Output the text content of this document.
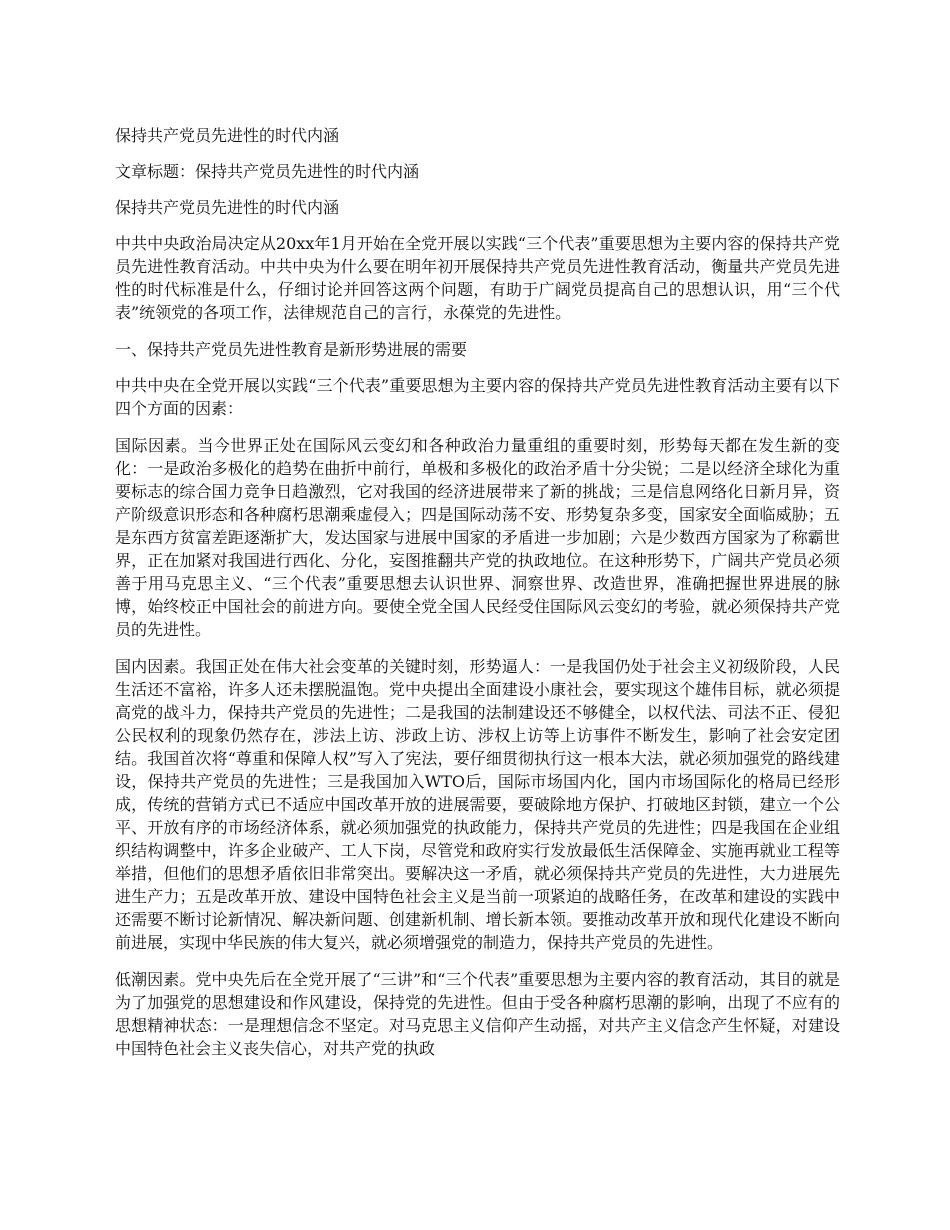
保持共产党员先进性的时代内涵

文章标题：保持共产党员先进性的时代内涵

保持共产党员先进性的时代内涵

中共中央政治局决定从20xx年1月开始在全党开展以实践“三个代表”重要思想为主要内容的保持共产党员先进性教育活动。中共中央为什么要在明年初开展保持共产党员先进性教育活动，衡量共产党员先进性的时代标准是什么，仔细讨论并回答这两个问题，有助于广阔党员提高自己的思想认识，用“三个代表”统领党的各项工作，法律规范自己的言行，永葆党的先进性。

一、保持共产党员先进性教育是新形势进展的需要

中共中央在全党开展以实践“三个代表”重要思想为主要内容的保持共产党员先进性教育活动主要有以下四个方面的因素：

国际因素。当今世界正处在国际风云变幻和各种政治力量重组的重要时刻，形势每天都在发生新的变化：一是政治多极化的趋势在曲折中前行，单极和多极化的政治矛盾十分尖锐；二是以经济全球化为重要标志的综合国力竞争日趋激烈，它对我国的经济进展带来了新的挑战；三是信息网络化日新月异，资产阶级意识形态和各种腐朽思潮乘虚侵入；四是国际动荡不安、形势复杂多变，国家安全面临威胁；五是东西方贫富差距逐渐扩大，发达国家与进展中国家的矛盾进一步加剧；六是少数西方国家为了称霸世界，正在加紧对我国进行西化、分化，妄图推翻共产党的执政地位。在这种形势下，广阔共产党员必须善于用马克思主义、“三个代表”重要思想去认识世界、洞察世界、改造世界，准确把握世界进展的脉博，始终校正中国社会的前进方向。要使全党全国人民经受住国际风云变幻的考验，就必须保持共产党员的先进性。

国内因素。我国正处在伟大社会变革的关键时刻，形势逼人：一是我国仍处于社会主义初级阶段，人民生活还不富裕，许多人还未摆脱温饱。党中央提出全面建设小康社会，要实现这个雄伟目标，就必须提高党的战斗力，保持共产党员的先进性；二是我国的法制建设还不够健全，以权代法、司法不正、侵犯公民权利的现象仍然存在，涉法上访、涉政上访、涉权上访等上访事件不断发生，影响了社会安定团结。我国首次将“尊重和保障人权”写入了宪法，要仔细贯彻执行这一根本大法，就必须加强党的路线建设，保持共产党员的先进性；三是我国加入WTO后，国际市场国内化，国内市场国际化的格局已经形成，传统的营销方式已不适应中国改革开放的进展需要，要破除地方保护、打破地区封锁，建立一个公平、开放有序的市场经济体系，就必须加强党的执政能力，保持共产党员的先进性；四是我国在企业组织结构调整中，许多企业破产、工人下岗，尽管党和政府实行发放最低生活保障金、实施再就业工程等举措，但他们的思想矛盾依旧非常突出。要解决这一矛盾，就必须保持共产党员的先进性，大力进展先进生产力；五是改革开放、建设中国特色社会主义是当前一项紧迫的战略任务，在改革和建设的实践中还需要不断讨论新情况、解决新问题、创建新机制、增长新本领。要推动改革开放和现代化建设不断向前进展，实现中华民族的伟大复兴，就必须增强党的制造力，保持共产党员的先进性。

低潮因素。党中央先后在全党开展了“三讲”和“三个代表”重要思想为主要内容的教育活动，其目的就是为了加强党的思想建设和作风建设，保持党的先进性。但由于受各种腐朽思潮的影响，出现了不应有的思想精神状态：一是理想信念不坚定。对马克思主义信仰产生动摇，对共产主义信念产生怀疑，对建设中国特色社会主义丧失信心，对共产党的执政
